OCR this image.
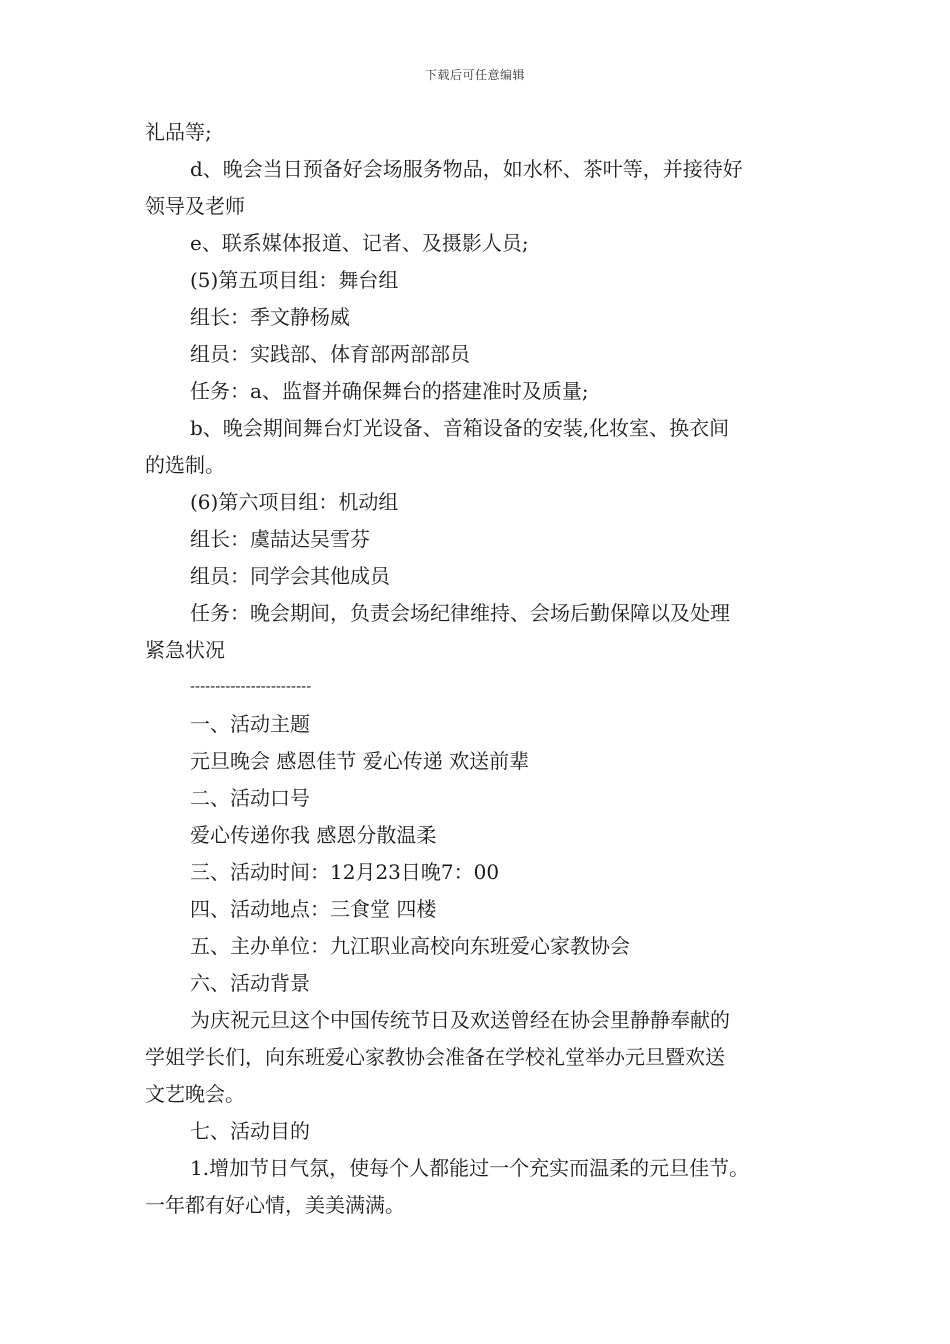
下载后可任意编辑
礼品等;
d、晚会当日预备好会场服务物品，如水杯、茶叶等，并接待好
领导及老师
e、联系媒体报道、记者、及摄影人员;
(5)第五项目组：舞台组
组长：季文静杨威
组员：实践部、体育部两部部员
任务：a、监督并确保舞台的搭建准时及质量;
b、晚会期间舞台灯光设备、音箱设备的安装,化妆室、换衣间
的选制。
(6)第六项目组：机动组
组长：虞喆达吴雪芬
组员：同学会其他成员
任务：晚会期间，负责会场纪律维持、会场后勤保障以及处理
紧急状况
------------------------
一、活动主题
元旦晚会 感恩佳节 爱心传递 欢送前辈
二、活动口号
爱心传递你我 感恩分散温柔
三、活动时间：12月23日晚7：00
四、活动地点：三食堂 四楼
五、主办单位：九江职业高校向东班爱心家教协会
六、活动背景
为庆祝元旦这个中国传统节日及欢送曾经在协会里静静奉献的
学姐学长们，向东班爱心家教协会准备在学校礼堂举办元旦暨欢送
文艺晚会。
七、活动目的
1.增加节日气氛，使每个人都能过一个充实而温柔的元旦佳节。
一年都有好心情，美美满满。
